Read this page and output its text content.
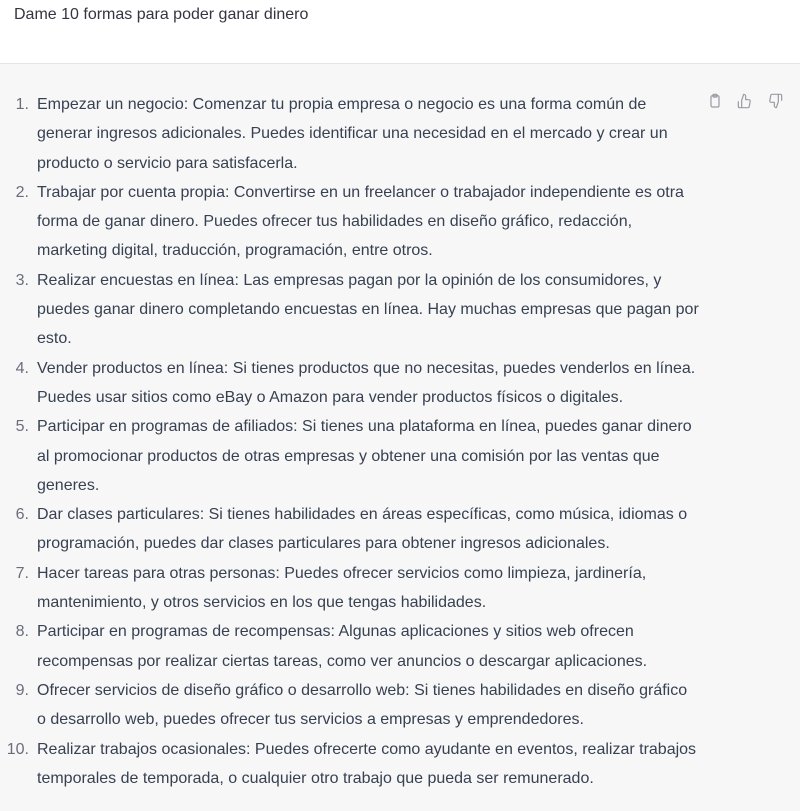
Dame 10 formas para poder ganar dinero
1. Empezar un negocio: Comenzar tu propia empresa o negocio es una forma común de generar ingresos adicionales. Puedes identificar una necesidad en el mercado y crear un producto o servicio para satisfacerla.
2. Trabajar por cuenta propia: Convertirse en un freelancer o trabajador independiente es otra forma de ganar dinero. Puedes ofrecer tus habilidades en diseño gráfico, redacción, marketing digital, traducción, programación, entre otros.
3. Realizar encuestas en línea: Las empresas pagan por la opinión de los consumidores, y puedes ganar dinero completando encuestas en línea. Hay muchas empresas que pagan por esto.
4. Vender productos en línea: Si tienes productos que no necesitas, puedes venderlos en línea. Puedes usar sitios como eBay o Amazon para vender productos físicos o digitales.
5. Participar en programas de afiliados: Si tienes una plataforma en línea, puedes ganar dinero al promocionar productos de otras empresas y obtener una comisión por las ventas que generes.
6. Dar clases particulares: Si tienes habilidades en áreas específicas, como música, idiomas o programación, puedes dar clases particulares para obtener ingresos adicionales.
7. Hacer tareas para otras personas: Puedes ofrecer servicios como limpieza, jardinería, mantenimiento, y otros servicios en los que tengas habilidades.
8. Participar en programas de recompensas: Algunas aplicaciones y sitios web ofrecen recompensas por realizar ciertas tareas, como ver anuncios o descargar aplicaciones.
9. Ofrecer servicios de diseño gráfico o desarrollo web: Si tienes habilidades en diseño gráfico o desarrollo web, puedes ofrecer tus servicios a empresas y emprendedores.
10. Realizar trabajos ocasionales: Puedes ofrecerte como ayudante en eventos, realizar trabajos temporales de temporada, o cualquier otro trabajo que pueda ser remunerado.
